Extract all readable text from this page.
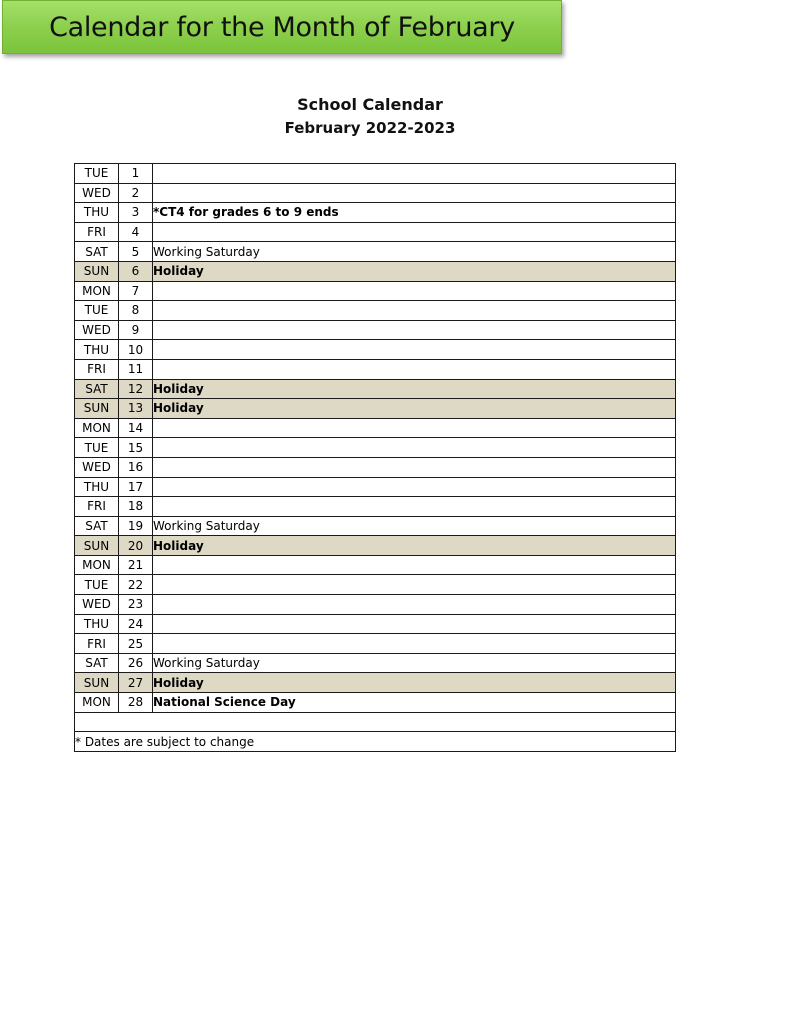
Calendar for the Month of February
School Calendar
February 2022-2023
TUE	1	
WED	2	
THU	3	*CT4 for grades 6 to 9 ends
FRI	4	
SAT	5	Working Saturday
SUN	6	Holiday
MON	7	
TUE	8	
WED	9	
THU	10	
FRI	11	
SAT	12	Holiday
SUN	13	Holiday
MON	14	
TUE	15	
WED	16	
THU	17	
FRI	18	
SAT	19	Working Saturday
SUN	20	Holiday
MON	21	
TUE	22	
WED	23	
THU	24	
FRI	25	
SAT	26	Working Saturday
SUN	27	Holiday
MON	28	National Science Day

* Dates are subject to change		
